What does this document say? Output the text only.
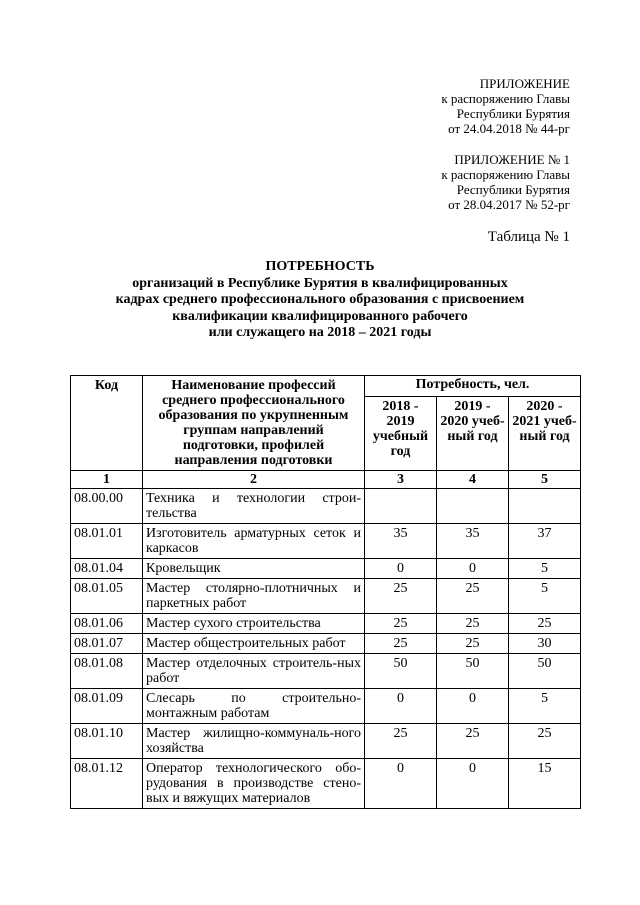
ПРИЛОЖЕНИЕ
к распоряжению Главы
Республики Бурятия
от 24.04.2018 № 44-рг
ПРИЛОЖЕНИЕ № 1
к распоряжению Главы
Республики Бурятия
от 28.04.2017 № 52-рг
Таблица № 1
ПОТРЕБНОСТЬ
организаций в Республике Бурятия в квалифицированных
кадрах среднего профессионального образования с присвоением
квалификации квалифицированного рабочего
или служащего на 2018 – 2021 годы
Код	Наименование профессий среднего профессионального образования по укрупненным группам направлений подготовки, профилей направления подготовки	Потребность, чел.		
		2018 - 2019 учебный год	2019 - 2020 учеб-ный год	2020 - 2021 учеб-ный год
1	2	3	4	5
08.00.00	Техника и технологии строи-тельства			
08.01.01	Изготовитель арматурных сеток и каркасов	35	35	37
08.01.04	Кровельщик	0	0	5
08.01.05	Мастер столярно-плотничных и паркетных работ	25	25	5
08.01.06	Мастер сухого строительства	25	25	25
08.01.07	Мастер общестроительных работ	25	25	30
08.01.08	Мастер отделочных строитель-ных работ	50	50	50
08.01.09	Слесарь по строительно-монтажным работам	0	0	5
08.01.10	Мастер жилищно-коммуналь-ного хозяйства	25	25	25
08.01.12	Оператор технологического обо-рудования в производстве стено-вых и вяжущих материалов	0	0	15
